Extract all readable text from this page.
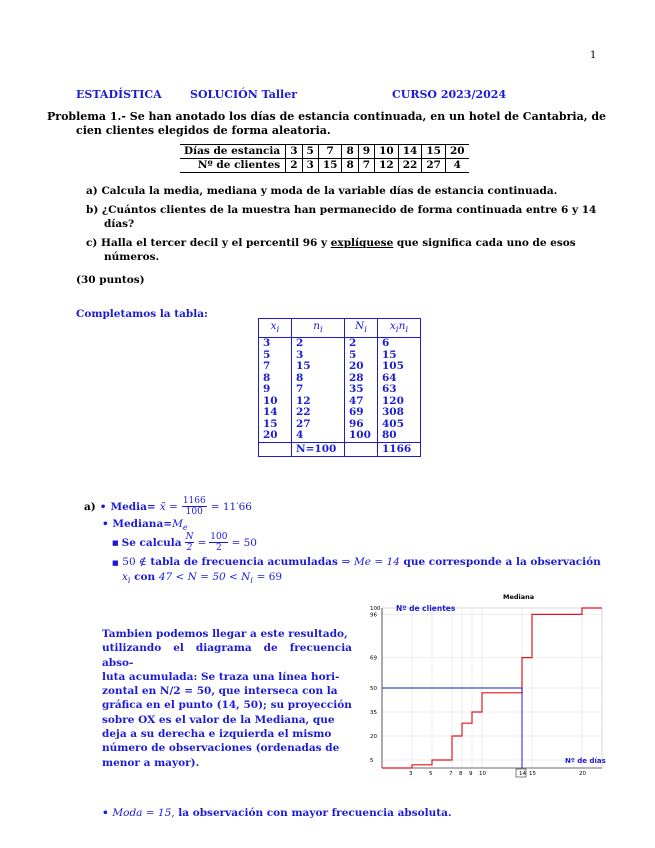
1
ESTADÍSTICA	SOLUCIÓN Taller	CURSO 2023/2024
Problema 1.- Se han anotado los días de estancia continuada, en un hotel de Cantabria, de
cien clientes elegidos de forma aleatoria.
Días de estancia	3	5	7	8	9	10	14	15	20
Nº de clientes	2	3	15	8	7	12	22	27	4
a) Calcula la media, mediana y moda de la variable días de estancia continuada.
b) ¿Cuántos clientes de la muestra han permanecido de forma continuada entre 6 y 14
días?
c) Halla el tercer decil y el percentil 96 y explíquese que significa cada uno de esos
números.
(30 puntos)
Completamos la tabla:
$x_i$	$n_i$	$N_i$	$x_in_i$
3	2	2	6
5	3	5	15
7	15	20	105
8	8	28	64
9	7	35	63
10	12	47	120
14	22	69	308
15	27	96	405
20	4	100	80
	N=100		1166
a) • Media= x̄ = $\frac{1166}{100} = 11'66$
• $Mediana=M_e$
■ Se calcula $\frac{N}{2} = \frac{100}{2} = 50$
■ 50 ∉ tabla de frecuencia acumuladas ⇒ Me = 14 que corresponde a la observación
$x_i$ con $47 < N = 50 < N_i = 69$
Tambien podemos llegar a este resultado,
utilizando el diagrama de frecuencia abso-
luta acumulada: Se traza una línea hori-
zontal en N/2 = 50, que interseca con la
gráfica en el punto (14, 50); su proyección
sobre OX es el valor de la Mediana, que
deja a su derecha e izquierda el mismo
número de observaciones (ordenadas de
menor a mayor).
Mediana
Nº de clientes
Nº de días
5
20
35
50
69
96
100
3	5	7 8 9 10	14 15	20
• Moda = 15, la observación con mayor frecuencia absoluta.
